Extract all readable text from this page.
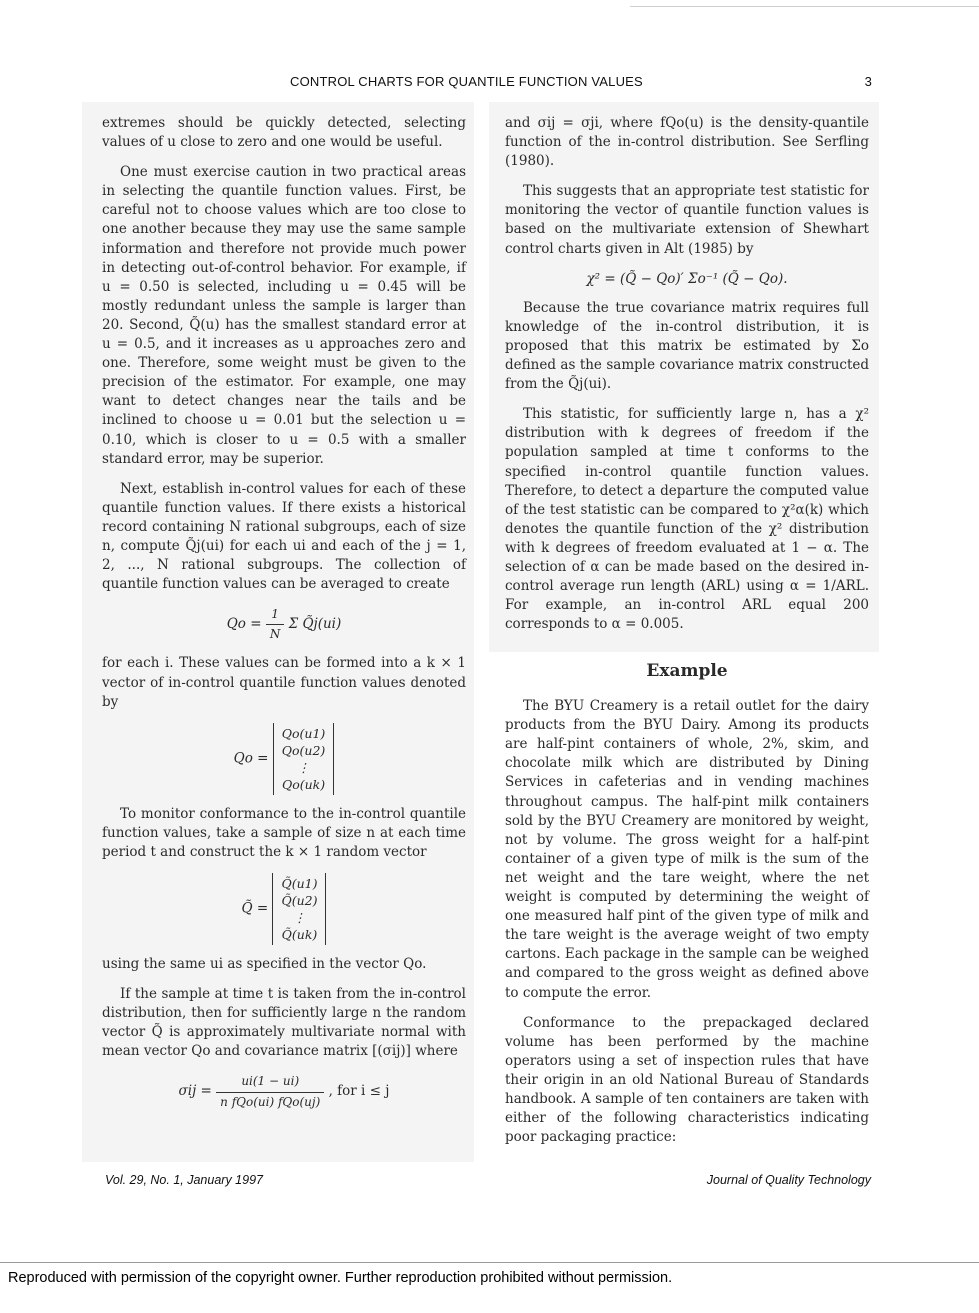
CONTROL CHARTS FOR QUANTILE FUNCTION VALUES	3

extremes should be quickly detected, selecting values of u close to zero and one would be useful.

One must exercise caution in two practical areas in selecting the quantile function values. First, be careful not to choose values which are too close to one another because they may use the same sample information and therefore not provide much power in detecting out-of-control behavior. For example, if u = 0.50 is selected, including u = 0.45 will be mostly redundant unless the sample is larger than 20. Second, Q̃(u) has the smallest standard error at u = 0.5, and it increases as u approaches zero and one. Therefore, some weight must be given to the precision of the estimator. For example, one may want to detect changes near the tails and be inclined to choose u = 0.01 but the selection u = 0.10, which is closer to u = 0.5 with a smaller standard error, may be superior.

Next, establish in-control values for each of these quantile function values. If there exists a historical record containing N rational subgroups, each of size n, compute Q̃j(ui) for each ui and each of the j = 1, 2, ..., N rational subgroups. The collection of quantile function values can be averaged to create

$Qo = \frac{1}{N}$ Σ Q̃j(ui)

for each i. These values can be formed into a k × 1 vector of in-control quantile function values denoted by

Qo =
Qo(u1)
Qo(u2)
⋮
Qo(uk)

To monitor conformance to the in-control quantile function values, take a sample of size n at each time period t and construct the k × 1 random vector

Q̃ =
Q̃(u1)
Q̃(u2)
⋮
Q̃(uk)

using the same ui as specified in the vector Qo.

If the sample at time t is taken from the in-control distribution, then for sufficiently large n the random vector Q̃ is approximately multivariate normal with mean vector Qo and covariance matrix [(σij)] where

$\sigma ij = \frac{ui(1 - ui)}{\text{n fQo(ui) fQo(uj)}}$ , for i ≤ j

and σij = σji, where fQo(u) is the density-quantile function of the in-control distribution. See Serfling (1980).

This suggests that an appropriate test statistic for monitoring the vector of quantile function values is based on the multivariate extension of Shewhart control charts given in Alt (1985) by

χ² = (Q̃ − Qo)′ Σo⁻¹ (Q̃ − Qo).

Because the true covariance matrix requires full knowledge of the in-control distribution, it is proposed that this matrix be estimated by Σo defined as the sample covariance matrix constructed from the Q̃j(ui).

This statistic, for sufficiently large n, has a χ² distribution with k degrees of freedom if the population sampled at time t conforms to the specified in-control quantile function values. Therefore, to detect a departure the computed value of the test statistic can be compared to χ²α(k) which denotes the quantile function of the χ² distribution with k degrees of freedom evaluated at 1 − α. The selection of α can be made based on the desired in-control average run length (ARL) using α = 1/ARL. For example, an in-control ARL equal 200 corresponds to α = 0.005.

Example

The BYU Creamery is a retail outlet for the dairy products from the BYU Dairy. Among its products are half-pint containers of whole, 2%, skim, and chocolate milk which are distributed by Dining Services in cafeterias and in vending machines throughout campus. The half-pint milk containers sold by the BYU Creamery are monitored by weight, not by volume. The gross weight for a half-pint container of a given type of milk is the sum of the net weight and the tare weight, where the net weight is computed by determining the weight of one measured half pint of the given type of milk and the tare weight is the average weight of two empty cartons. Each package in the sample can be weighed and compared to the gross weight as defined above to compute the error.

Conformance to the prepackaged declared volume has been performed by the machine operators using a set of inspection rules that have their origin in an old National Bureau of Standards handbook. A sample of ten containers are taken with either of the following characteristics indicating poor packaging practice:

Vol. 29, No. 1, January 1997	Journal of Quality Technology
Reproduced with permission of the copyright owner. Further reproduction prohibited without permission.
